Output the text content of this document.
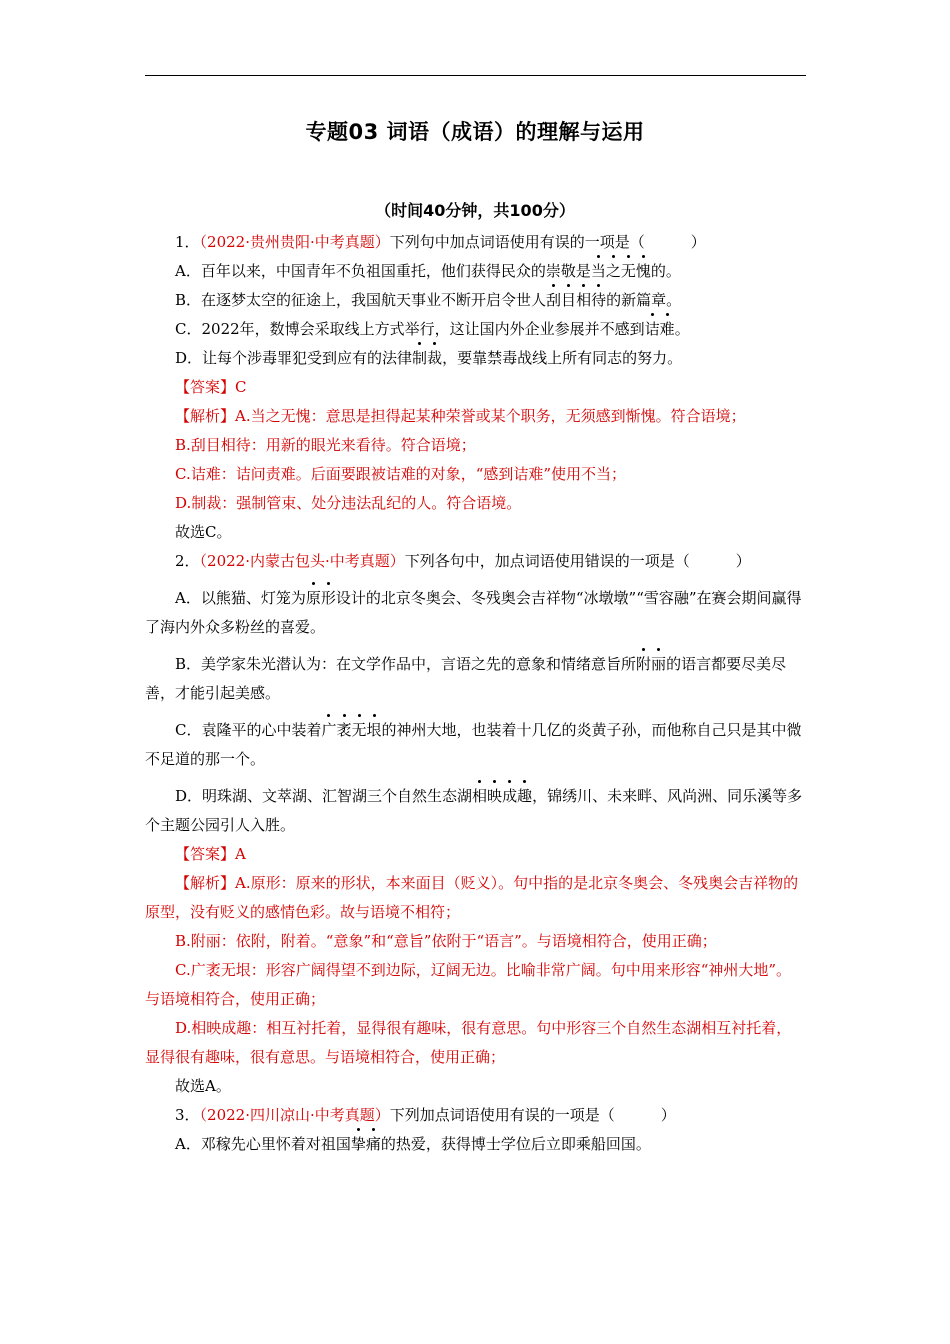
专题03 词语（成语）的理解与运用
（时间40分钟，共100分）

1．（2022·贵州贵阳·中考真题）下列句中加点词语使用有误的一项是（	）

A．百年以来，中国青年不负祖国重托，他们获得民众的崇敬是当之无愧的。

B．在逐梦太空的征途上，我国航天事业不断开启令世人刮目相待的新篇章。

C．2022年，数博会采取线上方式举行，这让国内外企业参展并不感到诘难。

D．让每个涉毒罪犯受到应有的法律制裁，要靠禁毒战线上所有同志的努力。

【答案】C

【解析】A.当之无愧：意思是担得起某种荣誉或某个职务，无须感到惭愧。符合语境；

B.刮目相待：用新的眼光来看待。符合语境；

C.诘难：诘问责难。后面要跟被诘难的对象，“感到诘难”使用不当；

D.制裁：强制管束、处分违法乱纪的人。符合语境。

故选C。

2．（2022·内蒙古包头·中考真题）下列各句中，加点词语使用错误的一项是（	）

A．以熊猫、灯笼为原形设计的北京冬奥会、冬残奥会吉祥物“冰墩墩”“雪容融”在赛会期间赢得了海内外众多粉丝的喜爱。

B．美学家朱光潜认为：在文学作品中，言语之先的意象和情绪意旨所附丽的语言都要尽美尽善，才能引起美感。

C．袁隆平的心中装着广袤无垠的神州大地，也装着十几亿的炎黄子孙，而他称自己只是其中微不足道的那一个。

D．明珠湖、文萃湖、汇智湖三个自然生态湖相映成趣，锦绣川、未来畔、风尚洲、同乐溪等多个主题公园引人入胜。

【答案】A

【解析】A.原形：原来的形状，本来面目（贬义）。句中指的是北京冬奥会、冬残奥会吉祥物的原型，没有贬义的感情色彩。故与语境不相符；

B.附丽：依附，附着。“意象”和“意旨”依附于“语言”。与语境相符合，使用正确；

C.广袤无垠：形容广阔得望不到边际，辽阔无边。比喻非常广阔。句中用来形容“神州大地”。与语境相符合，使用正确；

D.相映成趣：相互衬托着，显得很有趣味，很有意思。句中形容三个自然生态湖相互衬托着，显得很有趣味，很有意思。与语境相符合，使用正确；

故选A。

3．（2022·四川凉山·中考真题）下列加点词语使用有误的一项是（	）

A．邓稼先心里怀着对祖国挚痛的热爱，获得博士学位后立即乘船回国。
